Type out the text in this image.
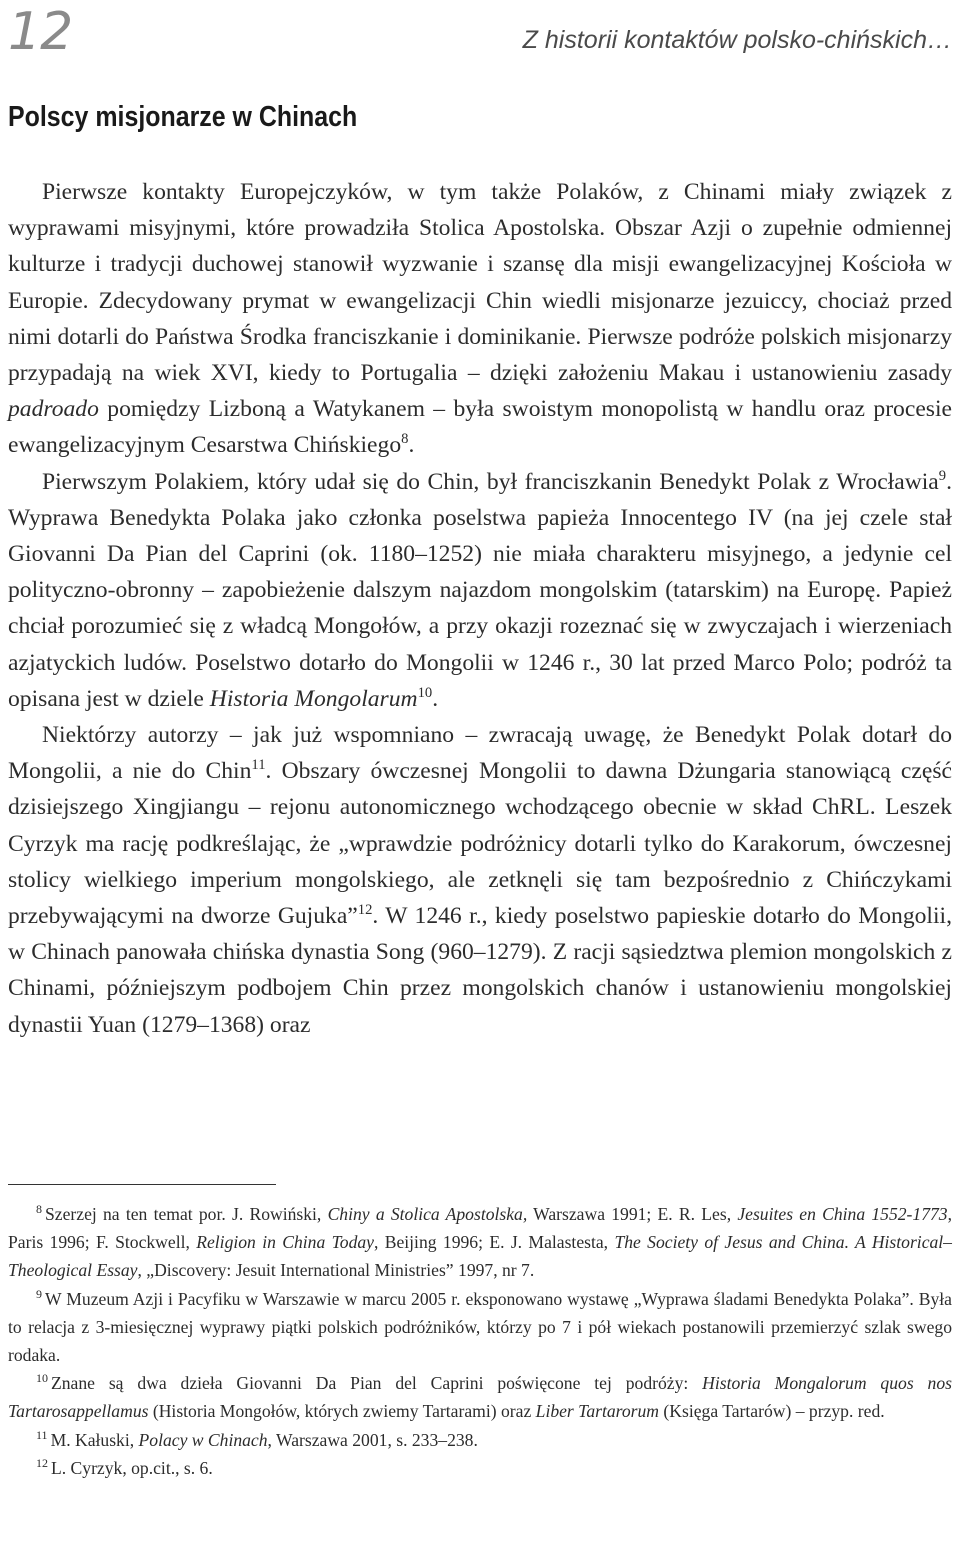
12	Z historii kontaktów polsko-chińskich…
Polscy misjonarze w Chinach

Pierwsze kontakty Europejczyków, w tym także Polaków, z Chinami miały związek z wyprawami misyjnymi, które prowadziła Stolica Apostolska. Obszar Azji o zupełnie odmiennej kulturze i tradycji duchowej stanowił wyzwanie i szansę dla misji ewangelizacyjnej Kościoła w Europie. Zdecydowany prymat w ewangelizacji Chin wiedli misjonarze jezuiccy, chociaż przed nimi dotarli do Państwa Środka franciszkanie i dominikanie. Pierwsze podróże polskich misjonarzy przypadają na wiek XVI, kiedy to Portugalia – dzięki założeniu Makau i ustanowieniu zasady padroado pomiędzy Lizboną a Watykanem – była swoistym monopolistą w handlu oraz procesie ewangelizacyjnym Cesarstwa Chińskiego$^8$.

Pierwszym Polakiem, który udał się do Chin, był franciszkanin Benedykt Polak z Wrocławia$^9$. Wyprawa Benedykta Polaka jako członka poselstwa papieża Innocentego IV (na jej czele stał Giovanni Da Pian del Caprini (ok. 1180–1252) nie miała charakteru misyjnego, a jedynie cel polityczno-obronny – zapobieżenie dalszym najazdom mongolskim (tatarskim) na Europę. Papież chciał porozumieć się z władcą Mongołów, a przy okazji rozeznać się w zwyczajach i wierzeniach azjatyckich ludów. Poselstwo dotarło do Mongolii w 1246 r., 30 lat przed Marco Polo; podróż ta opisana jest w dziele Historia Mongolarum$^{10}$.

Niektórzy autorzy – jak już wspomniano – zwracają uwagę, że Benedykt Polak dotarł do Mongolii, a nie do Chin$^{11}$. Obszary ówczesnej Mongolii to dawna Dżungaria stanowiącą część dzisiejszego Xingjiangu – rejonu autonomicznego wchodzącego obecnie w skład ChRL. Leszek Cyrzyk ma rację podkreślając, że „wprawdzie podróżnicy dotarli tylko do Karakorum, ówczesnej stolicy wielkiego imperium mongolskiego, ale zetknęli się tam bezpośrednio z Chińczykami przebywającymi na dworze Gujuka”$^{12}$. W 1246 r., kiedy poselstwo papieskie dotarło do Mongolii, w Chinach panowała chińska dynastia Song (960–1279). Z racji sąsiedztwa plemion mongolskich z Chinami, późniejszym podbojem Chin przez mongolskich chanów i ustanowieniu mongolskiej dynastii Yuan (1279–1368) oraz

$^8$ Szerzej na ten temat por. J. Rowiński, Chiny a Stolica Apostolska, Warszawa 1991; E. R. Les, Jesuites en China 1552-1773, Paris 1996; F. Stockwell, Religion in China Today, Beijing 1996; E. J. Malastesta, The Society of Jesus and China. A Historical–Theological Essay, „Discovery: Jesuit International Ministries” 1997, nr 7.

$^9$ W Muzeum Azji i Pacyfiku w Warszawie w marcu 2005 r. eksponowano wystawę „Wyprawa śladami Benedykta Polaka”. Była to relacja z 3-miesięcznej wyprawy piątki polskich podróżników, którzy po 7 i pół wiekach postanowili przemierzyć szlak swego rodaka.

$^{10}$ Znane są dwa dzieła Giovanni Da Pian del Caprini poświęcone tej podróży: Historia Mongalorum quos nos Tartarosappellamus (Historia Mongołów, których zwiemy Tartarami) oraz Liber Tartarorum (Księga Tartarów) – przyp. red.

$^{11}$ M. Kałuski, Polacy w Chinach, Warszawa 2001, s. 233–238.

$^{12}$ L. Cyrzyk, op.cit., s. 6.
